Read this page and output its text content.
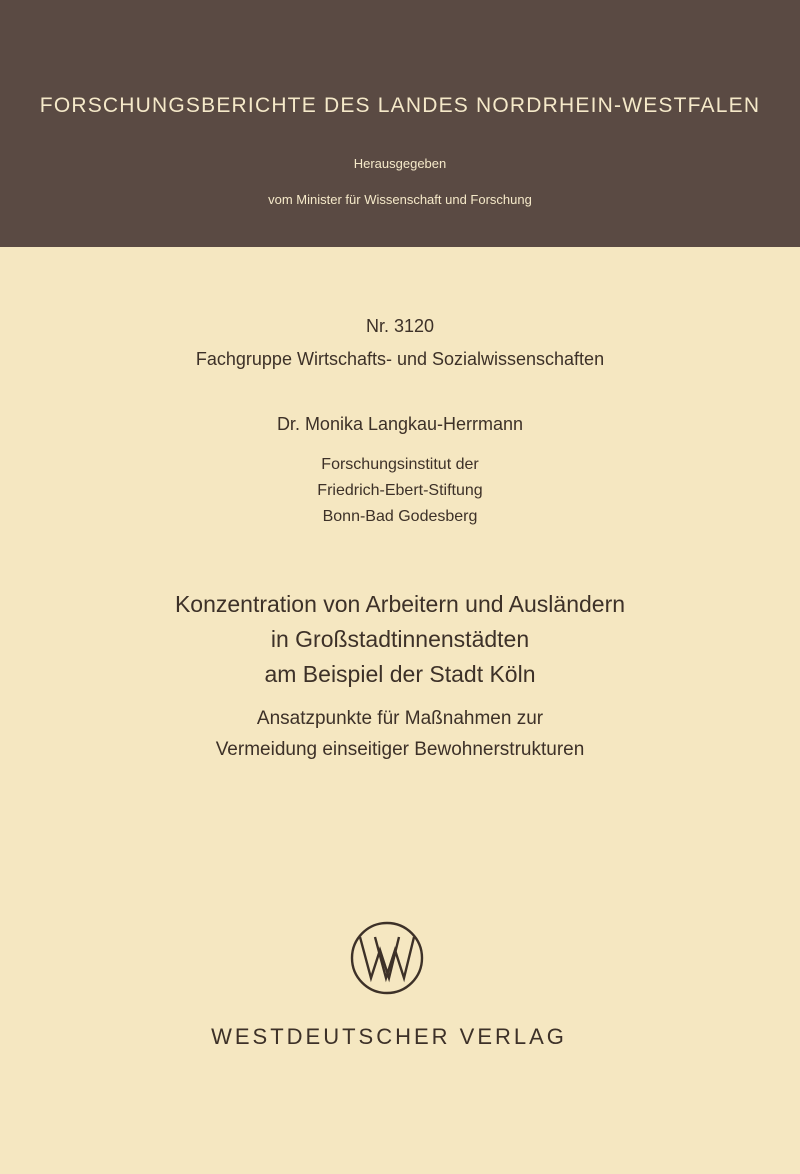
FORSCHUNGSBERICHTE DES LANDES NORDRHEIN-WESTFALEN
Herausgegeben
vom Minister für Wissenschaft und Forschung
Nr. 3120
Fachgruppe Wirtschafts- und Sozialwissenschaften
Dr. Monika Langkau-Herrmann
Forschungsinstitut der
Friedrich-Ebert-Stiftung
Bonn-Bad Godesberg
Konzentration von Arbeitern und Ausländern
in Großstadtinnenstädten
am Beispiel der Stadt Köln
Ansatzpunkte für Maßnahmen zur
Vermeidung einseitiger Bewohnerstrukturen
WESTDEUTSCHER VERLAG
